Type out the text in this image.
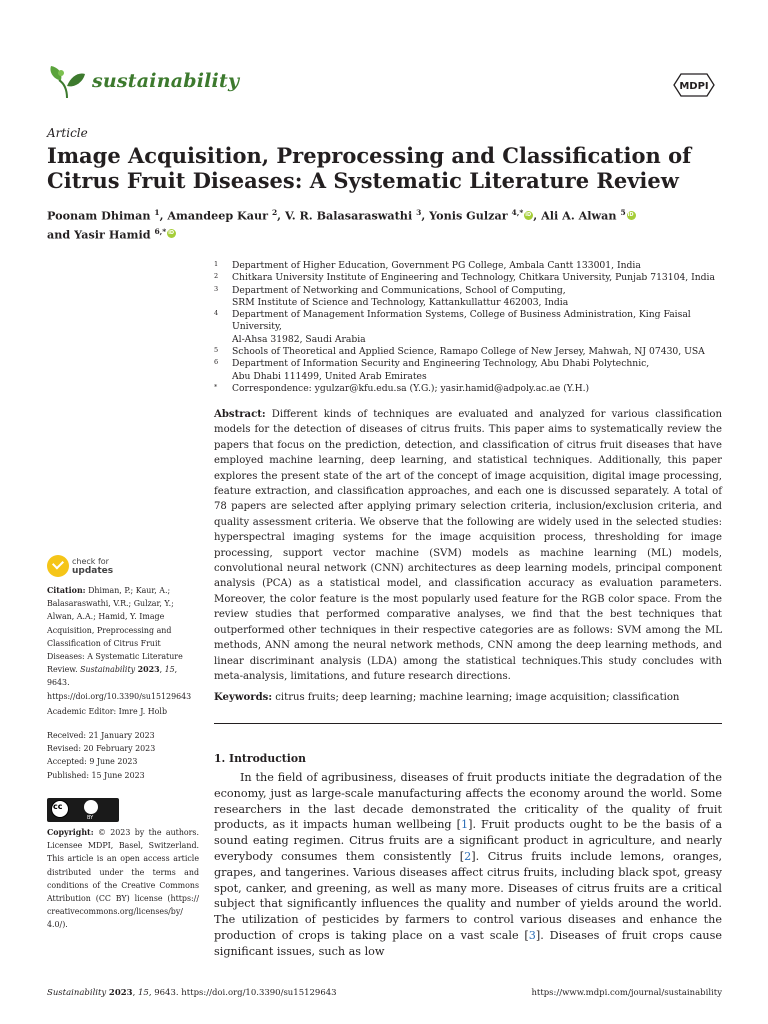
sustainability	MDPI
Article
Image Acquisition, Preprocessing and Classification of Citrus Fruit Diseases: A Systematic Literature Review
Poonam Dhiman $^1$, Amandeep Kaur $^2$, V. R. Balasaraswathi $^3$, Yonis Gulzar $^{4,*}$iD , Ali A. Alwan $^5$iD
and Yasir Hamid $^{6,*}$iD
1 Department of Higher Education, Government PG College, Ambala Cantt 133001, India
2 Chitkara University Institute of Engineering and Technology, Chitkara University, Punjab 713104, India
3 Department of Networking and Communications, School of Computing,
SRM Institute of Science and Technology, Kattankullattur 462003, India
4 Department of Management Information Systems, College of Business Administration, King Faisal University,
Al-Ahsa 31982, Saudi Arabia
5 Schools of Theoretical and Applied Science, Ramapo College of New Jersey, Mahwah, NJ 07430, USA
6 Department of Information Security and Engineering Technology, Abu Dhabi Polytechnic,
Abu Dhabi 111499, United Arab Emirates
* Correspondence: ygulzar@kfu.edu.sa (Y.G.); yasir.hamid@adpoly.ac.ae (Y.H.)
Abstract: Different kinds of techniques are evaluated and analyzed for various classification models for the detection of diseases of citrus fruits. This paper aims to systematically review the papers that focus on the prediction, detection, and classification of citrus fruit diseases that have employed machine learning, deep learning, and statistical techniques. Additionally, this paper explores the present state of the art of the concept of image acquisition, digital image processing, feature extraction, and classification approaches, and each one is discussed separately. A total of 78 papers are selected after applying primary selection criteria, inclusion/exclusion criteria, and quality assessment criteria. We observe that the following are widely used in the selected studies: hyperspectral imaging systems for the image acquisition process, thresholding for image processing, support vector machine (SVM) models as machine learning (ML) models, convolutional neural network (CNN) architectures as deep learning models, principal component analysis (PCA) as a statistical model, and classification accuracy as evaluation parameters. Moreover, the color feature is the most popularly used feature for the RGB color space. From the review studies that performed comparative analyses, we find that the best techniques that outperformed other techniques in their respective categories are as follows: SVM among the ML methods, ANN among the neural network methods, CNN among the deep learning methods, and linear discriminant analysis (LDA) among the statistical techniques.This study concludes with meta-analysis, limitations, and future research directions.
Keywords: citrus fruits; deep learning; machine learning; image acquisition; classification
1. Introduction

In the field of agribusiness, diseases of fruit products initiate the degradation of the economy, just as large-scale manufacturing affects the economy around the world. Some researchers in the last decade demonstrated the criticality of the quality of fruit products, as it impacts human wellbeing [1]. Fruit products ought to be the basis of a sound eating regimen. Citrus fruits are a significant product in agriculture, and nearly everybody consumes them consistently [2]. Citrus fruits include lemons, oranges, grapes, and tangerines. Various diseases affect citrus fruits, including black spot, greasy spot, canker, and greening, as well as many more. Diseases of citrus fruits are a critical subject that significantly influences the quality and number of yields around the world. The utilization of pesticides by farmers to control various diseases and enhance the production of crops is taking place on a vast scale [3]. Diseases of fruit crops cause significant issues, such as low

check for
updates
Citation: Dhiman, P.; Kaur, A.; Balasaraswathi, V.R.; Gulzar, Y.; Alwan, A.A.; Hamid, Y. Image Acquisition, Preprocessing and Classification of Citrus Fruit Diseases: A Systematic Literature Review. Sustainability 2023, 15, 9643. https://doi.org/10.3390/su15129643
Academic Editor: Imre J. Holb
Received: 21 January 2023
Revised: 20 February 2023
Accepted: 9 June 2023
Published: 15 June 2023
cc
BY
Copyright: © 2023 by the authors. Licensee MDPI, Basel, Switzerland. This article is an open access article distributed under the terms and conditions of the Creative Commons Attribution (CC BY) license (https:// creativecommons.org/licenses/by/ 4.0/).
Sustainability 2023, 15, 9643. https://doi.org/10.3390/su15129643	https://www.mdpi.com/journal/sustainability
